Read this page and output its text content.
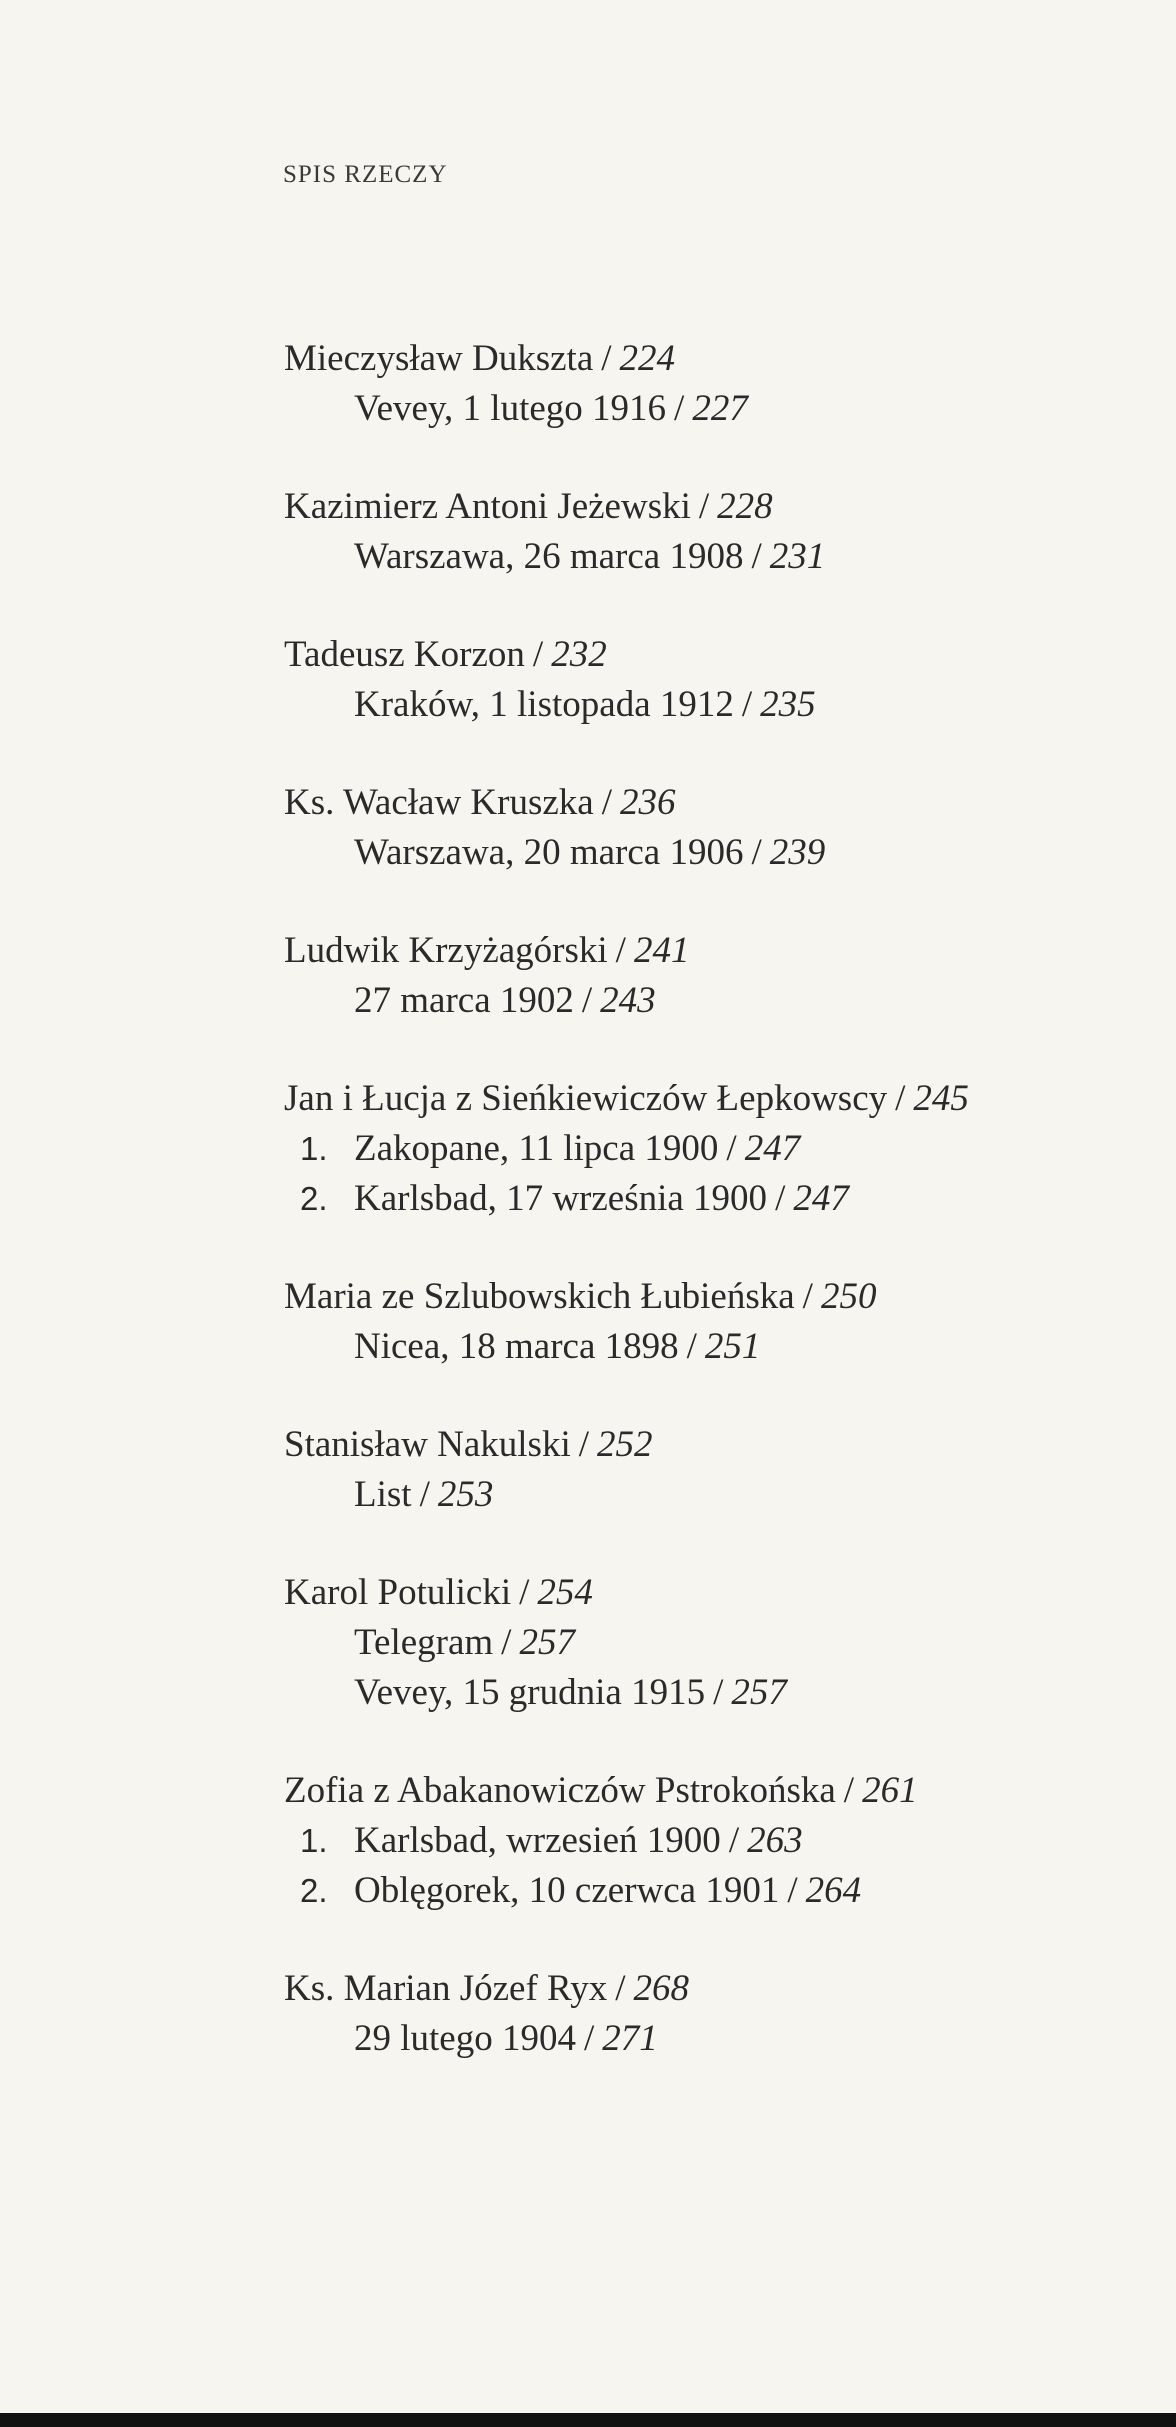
SPIS RZECZY
Mieczysław Dukszta / 224
Vevey, 1 lutego 1916 / 227
Kazimierz Antoni Jeżewski / 228
Warszawa, 26 marca 1908 / 231
Tadeusz Korzon / 232
Kraków, 1 listopada 1912 / 235
Ks. Wacław Kruszka / 236
Warszawa, 20 marca 1906 / 239
Ludwik Krzyżagórski / 241
27 marca 1902 / 243
Jan i Łucja z Sieńkiewiczów Łepkowscy / 245
1. Zakopane, 11 lipca 1900 / 247
2. Karlsbad, 17 września 1900 / 247
Maria ze Szlubowskich Łubieńska / 250
Nicea, 18 marca 1898 / 251
Stanisław Nakulski / 252
List / 253
Karol Potulicki / 254
Telegram / 257
Vevey, 15 grudnia 1915 / 257
Zofia z Abakanowiczów Pstrokońska / 261
1. Karlsbad, wrzesień 1900 / 263
2. Oblęgorek, 10 czerwca 1901 / 264
Ks. Marian Józef Ryx / 268
29 lutego 1904 / 271
